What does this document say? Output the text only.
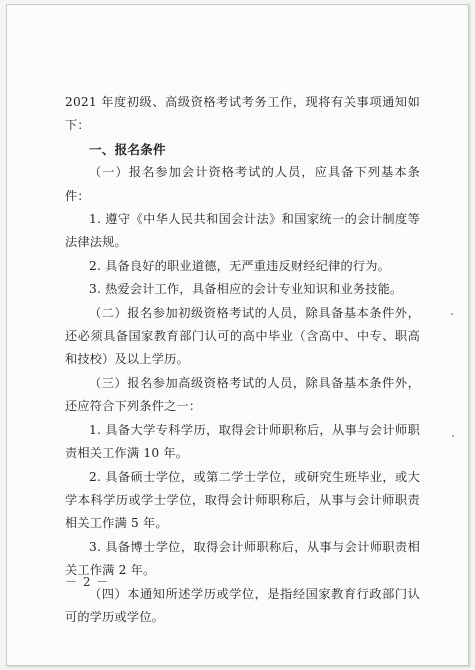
2021 年度初级、高级资格考试考务工作，现将有关事项通知如下：

一、报名条件

（一）报名参加会计资格考试的人员，应具备下列基本条件：

1. 遵守《中华人民共和国会计法》和国家统一的会计制度等法律法规。

2. 具备良好的职业道德，无严重违反财经纪律的行为。

3. 热爱会计工作，具备相应的会计专业知识和业务技能。

（二）报名参加初级资格考试的人员，除具备基本条件外，还必须具备国家教育部门认可的高中毕业（含高中、中专、职高和技校）及以上学历。

（三）报名参加高级资格考试的人员，除具备基本条件外，还应符合下列条件之一：

1. 具备大学专科学历，取得会计师职称后，从事与会计师职责相关工作满 10 年。

2. 具备硕士学位，或第二学士学位，或研究生班毕业，或大学本科学历或学士学位，取得会计师职称后，从事与会计师职责相关工作满 5 年。

3. 具备博士学位，取得会计师职称后，从事与会计师职责相关工作满 2 年。

（四）本通知所述学历或学位，是指经国家教育行政部门认可的学历或学位。

－ 2 －
